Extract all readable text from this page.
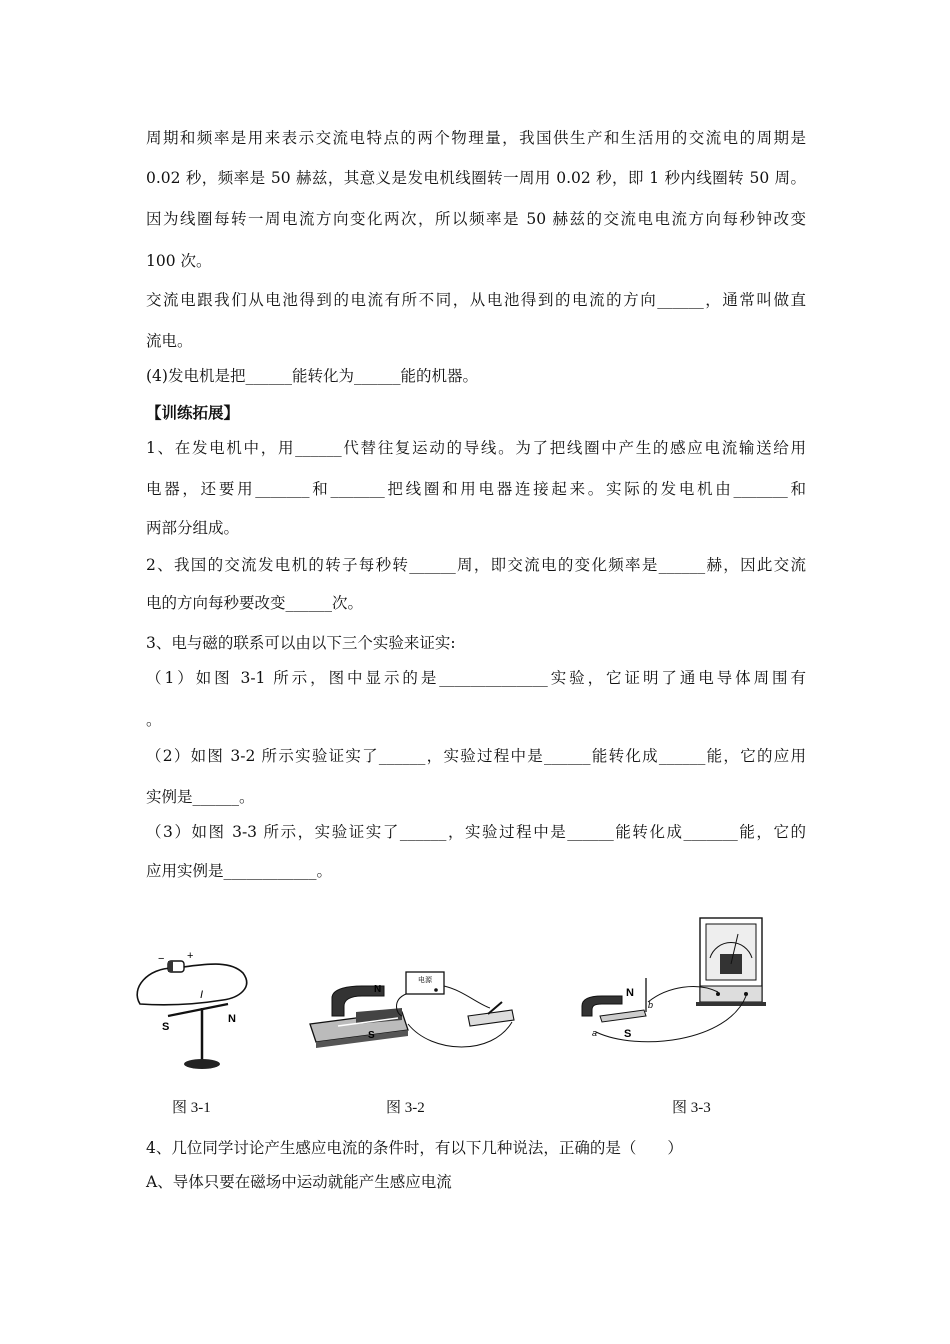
周期和频率是用来表示交流电特点的两个物理量，我国供生产和生活用的交流电的周期是
0.02 秒，频率是 50 赫兹，其意义是发电机线圈转一周用 0.02 秒，即 1 秒内线圈转 50 周。
因为线圈每转一周电流方向变化两次，所以频率是 50 赫兹的交流电电流方向每秒钟改变
100 次。
交流电跟我们从电池得到的电流有所不同，从电池得到的电流的方向______，通常叫做直
流电。
(4)发电机是把______能转化为______能的机器。
【训练拓展】
1、在发电机中，用______代替往复运动的导线。为了把线圈中产生的感应电流输送给用
电器，还要用_______和_______把线圈和用电器连接起来。实际的发电机由_______和
两部分组成。
2、我国的交流发电机的转子每秒转______周，即交流电的变化频率是______赫，因此交流
电的方向每秒要改变______次。
3、电与磁的联系可以由以下三个实验来证实:
（1）如图 3-1 所示，图中显示的是______________实验，它证明了通电导体周围有
。
（2）如图 3-2 所示实验证实了______，实验过程中是______能转化成______能，它的应用
实例是______。
（3）如图 3-3 所示，实验证实了______，实验过程中是______能转化成_______能，它的
应用实例是____________。
− +
I
S
N
N
S
电源
N
S
a
b
图 3-1	图 3-2	图 3-3
4、几位同学讨论产生感应电流的条件时，有以下几种说法，正确的是（　　）
A、导体只要在磁场中运动就能产生感应电流
